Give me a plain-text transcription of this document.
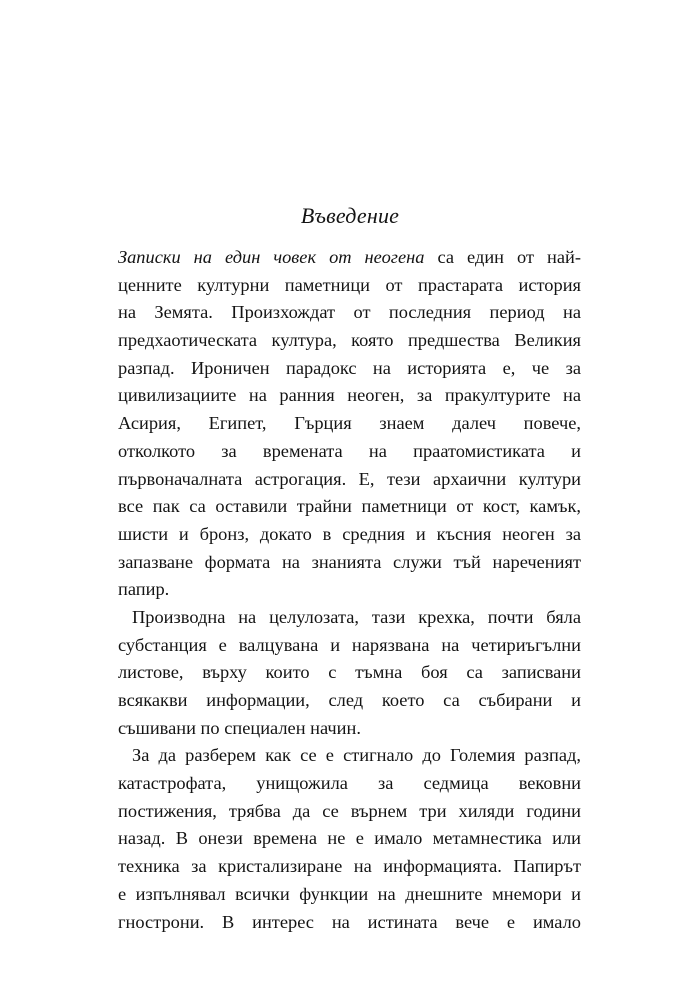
Въведение
Записки на един човек от неогена са един от най-
ценните културни паметници от прастарата история
на Земята. Произхождат от последния период на
предхаотическата култура, която предшества Великия
разпад. Ироничен парадокс на историята е, че за
цивилизациите на ранния неоген, за пракултурите на
Асирия, Египет, Гърция знаем далеч повече,
отколкото за времената на праатомистиката и
първоначалната астрогация. Е, тези архаични култури
все пак са оставили трайни паметници от кост, камък,
шисти и бронз, докато в средния и късния неоген за
запазване формата на знанията служи тъй нареченият
папир.
Производна на целулозата, тази крехка, почти бяла
субстанция е валцувана и нарязвана на четириъгълни
листове, върху които с тъмна боя са записвани
всякакви информации, след което са събирани и
съшивани по специален начин.
За да разберем как се е стигнало до Големия разпад,
катастрофата, унищожила за седмица вековни
постижения, трябва да се върнем три хиляди години
назад. В онези времена не е имало метамнестика или
техника за кристализиране на информацията. Папирът
е изпълнявал всички функции на днешните мнемори и
гнострони. В интерес на истината вече е имало
